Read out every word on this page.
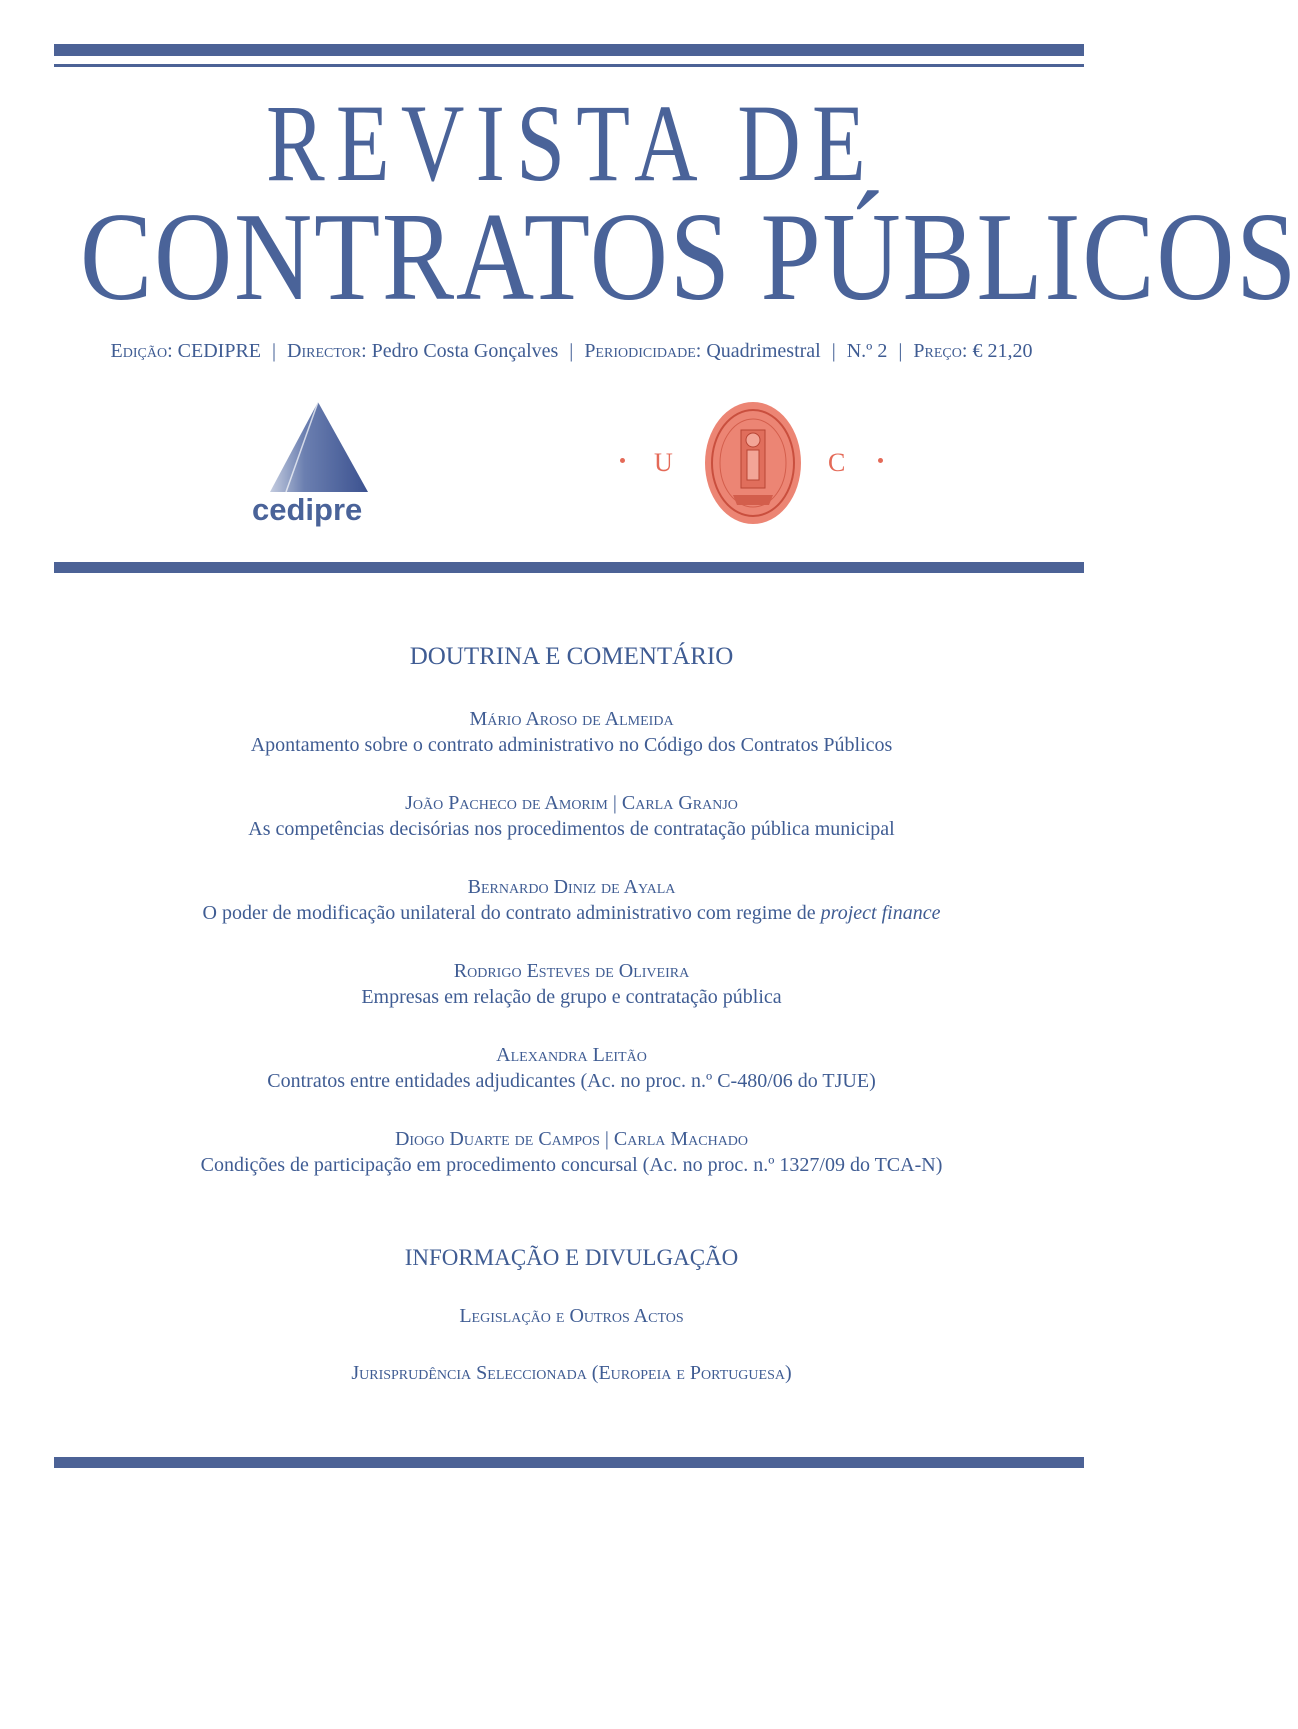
REVISTA DE
CONTRATOS PÚBLICOS
Edição: CEDIPRE | Director: Pedro Costa Gonçalves | Periodicidade: Quadrimestral | N.º 2 | Preço: € 21,20
cedipre
U	C
DOUTRINA E COMENTÁRIO
Mário Aroso de Almeida
Apontamento sobre o contrato administrativo no Código dos Contratos Públicos
João Pacheco de Amorim | Carla Granjo
As competências decisórias nos procedimentos de contratação pública municipal
Bernardo Diniz de Ayala
O poder de modificação unilateral do contrato administrativo com regime de project finance
Rodrigo Esteves de Oliveira
Empresas em relação de grupo e contratação pública
Alexandra Leitão
Contratos entre entidades adjudicantes (Ac. no proc. n.º C-480/06 do TJUE)
Diogo Duarte de Campos | Carla Machado
Condições de participação em procedimento concursal (Ac. no proc. n.º 1327/09 do TCA-N)
INFORMAÇÃO E DIVULGAÇÃO
Legislação e Outros Actos
Jurisprudência Seleccionada (Europeia e Portuguesa)
